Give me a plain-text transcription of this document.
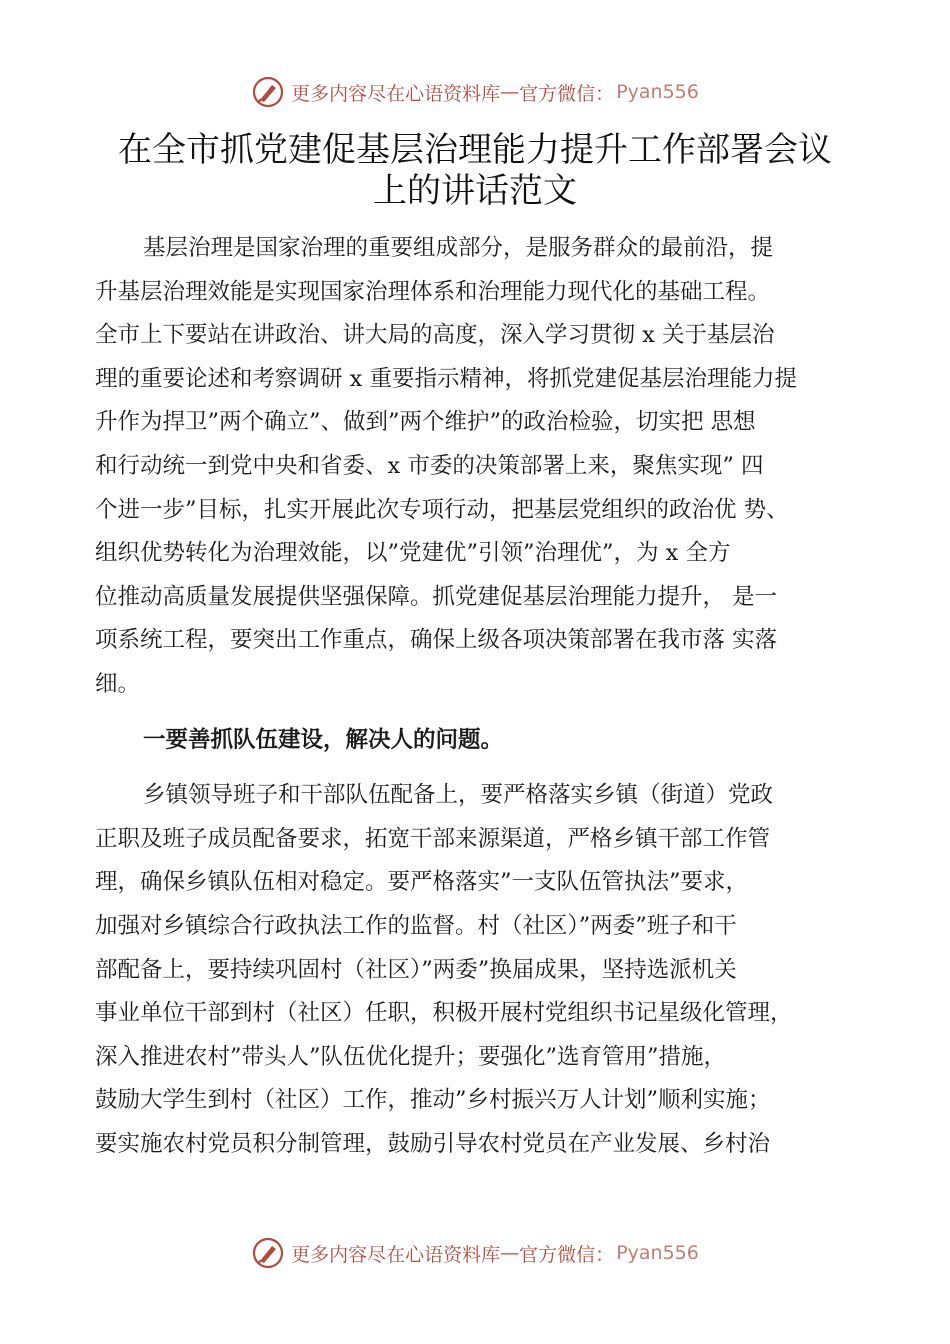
更多内容尽在心语资料库 — 官方微信： Pyan556
在全市抓党建促基层治理能力提升工作部署会议
上的讲话范文
基层治理是国家治理的重要组成部分，是服务群众的最前沿，提
升基层治理效能是实现国家治理体系和治理能力现代化的基础工程。
全市上下要站在讲政治、讲大局的高度，深入学习贯彻 x 关于基层治
理的重要论述和考察调研 x 重要指示精神，将抓党建促基层治理能力提
升作为捍卫”两个确立”、做到”两个维护”的政治检验，切实把 思想
和行动统一到党中央和省委、x 市委的决策部署上来，聚焦实现” 四
个进一步”目标，扎实开展此次专项行动，把基层党组织的政治优 势、
组织优势转化为治理效能，以”党建优”引领”治理优”，为 x 全方
位推动高质量发展提供坚强保障。抓党建促基层治理能力提升， 是一
项系统工程，要突出工作重点，确保上级各项决策部署在我市落 实落
细。
一要善抓队伍建设，解决人的问题。
乡镇领导班子和干部队伍配备上，要严格落实乡镇（街道）党政
正职及班子成员配备要求，拓宽干部来源渠道，严格乡镇干部工作管
理，确保乡镇队伍相对稳定。要严格落实”一支队伍管执法”要求，
加强对乡镇综合行政执法工作的监督。村（社区）”两委”班子和干
部配备上，要持续巩固村（社区）”两委”换届成果，坚持选派机关
事业单位干部到村（社区）任职，积极开展村党组织书记星级化管理，
深入推进农村”带头人”队伍优化提升；要强化”选育管用”措施，
鼓励大学生到村（社区）工作，推动”乡村振兴万人计划”顺利实施；
要实施农村党员积分制管理，鼓励引导农村党员在产业发展、乡村治
更多内容尽在心语资料库 — 官方微信： Pyan556
